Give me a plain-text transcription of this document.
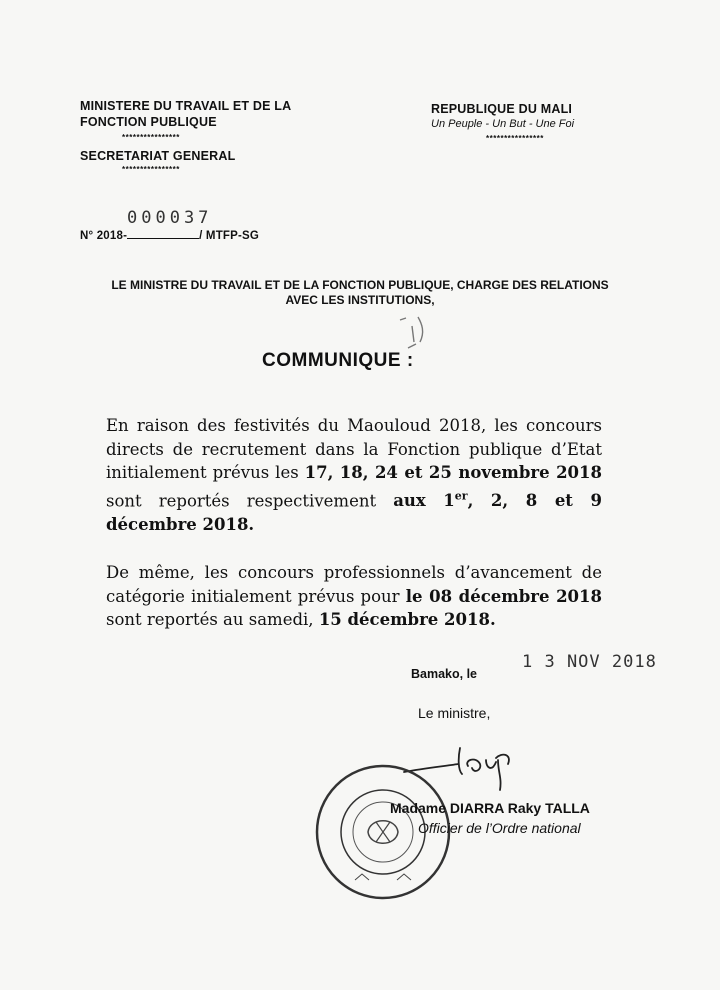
MINISTERE DU TRAVAIL ET DE LA
FONCTION PUBLIQUE
****************
SECRETARIAT GENERAL
****************
REPUBLIQUE DU MALI
Un Peuple - Un But - Une Foi
****************
000037
N° 2018-	/ MTFP-SG
LE MINISTRE DU TRAVAIL ET DE LA FONCTION PUBLIQUE, CHARGE DES RELATIONS
AVEC LES INSTITUTIONS,
COMMUNIQUE :
En raison des festivités du Maouloud 2018, les concours directs de recrutement dans la Fonction publique d’Etat initialement prévus les 17, 18, 24 et 25 novembre 2018 sont reportés respectivement aux 1er, 2, 8 et 9 décembre 2018.
De même, les concours professionnels d’avancement de catégorie initialement prévus pour le 08 décembre 2018 sont reportés au samedi, 15 décembre 2018.
Bamako, le
1 3 NOV 2018
Le ministre,
Madame DIARRA Raky TALLA
Officier de l’Ordre national
